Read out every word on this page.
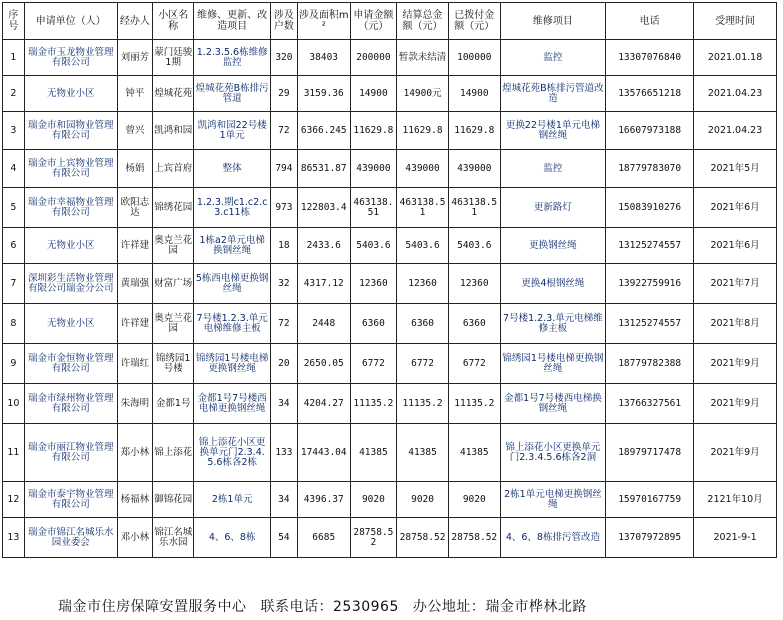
序号	申请单位（人）	经办人	小区名称	维修、更新、改造项目	涉及户数	涉及面积m²	申请金额（元）	结算总金额（元）	已拨付金额（元）	维修项目	电话	受理时间
1	瑞金市玉龙物业管理有限公司	刘丽芳	蒙门廷骏1期	1.2.3.5.6栋维修监控	320	38403	200000	暂款未结清	100000	监控	13307076840	2021.01.18
2	无物业小区	钟平	煌城花苑	煌城花苑B栋排污管道	29	3159.36	14900	14900元	14900	煌城花苑B栋排污管道改造	13576651218	2021.04.23
3	瑞金市和园物业管理有限公司	曾兴	凯鸿和园	凯鸿和园22号楼1单元	72	6366.245	11629.8	11629.8	11629.8	更换22号楼1单元电梯钢丝绳	16607973188	2021.04.23
4	瑞金市上宾物业管理有限公司	杨娟	上宾首府	整体	794	86531.87	439000	439000	439000	监控	18779783070	2021年5月
5	瑞金市幸福物业管理有限公司	欧阳志达	锦绣花园	1.2.3.期c1.c2.c3.c11栋	973	122803.4	463138.51	463138.51	463138.51	更新路灯	15083910276	2021年6月
6	无物业小区	许祥建	奥克兰花园	1栋a2单元电梯换钢丝绳	18	2433.6	5403.6	5403.6	5403.6	更换钢丝绳	13125274557	2021年6月
7	深圳彩生活物业管理有限公司瑞金分公司	黄瑞强	财富广场	5栋西电梯更换钢丝绳	32	4317.12	12360	12360	12360	更换4根钢丝绳	13922759916	2021年7月
8	无物业小区	许祥建	奥克兰花园	7号楼1.2.3.单元电梯维修主板	72	2448	6360	6360	6360	7号楼1.2.3.单元电梯维修主板	13125274557	2021年8月
9	瑞金市金恒物业管理有限公司	许瑞红	锦绣园1号楼	锦绣园1号楼电梯更换钢丝绳	20	2650.05	6772	6772	6772	锦绣园1号楼电梯更换钢丝绳	18779782388	2021年9月
10	瑞金市绿州物业管理有限公司	朱海明	金都1号	金都1号7号楼西电梯更换钢丝绳	34	4204.27	11135.2	11135.2	11135.2	金都1号7号楼西电梯换钢丝绳	13766327561	2021年9月
11	瑞金市丽江物业管理有限公司	郑小林	锦上添花	锦上添花小区更换单元门2.3.4.5.6栋各2栋	133	17443.04	41385	41385	41385	锦上添花小区更换单元门2.3.4.5.6栋各2洞	18979717478	2021年9月
12	瑞金市泰宇物业管理有限公司	杨福林	御锦花园	2栋1单元	34	4396.37	9020	9020	9020	2栋1单元电梯更换钢丝绳	15970167759	2121年10月
13	瑞金市锦江名城乐水园业委会	邓小林	锦江名城乐水园	4、6、8栋	54	6685	28758.52	28758.52	28758.52	4、6、8栋排污管改造	13707972895	2021-9-1
瑞金市住房保障安置服务中心 联系电话：2530965 办公地址：瑞金市桦林北路
